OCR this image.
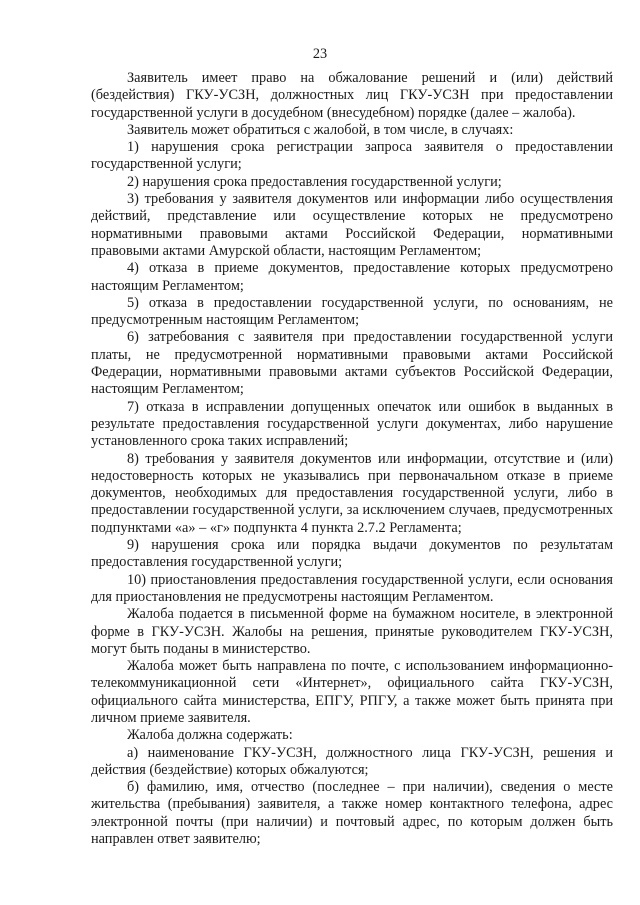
23

Заявитель имеет право на обжалование решений и (или) действий (бездействия) ГКУ-УСЗН, должностных лиц ГКУ-УСЗН при предоставлении государственной услуги в досудебном (внесудебном) порядке (далее – жалоба).

Заявитель может обратиться с жалобой, в том числе, в случаях:

1) нарушения срока регистрации запроса заявителя о предоставлении государственной услуги;

2) нарушения срока предоставления государственной услуги;

3) требования у заявителя документов или информации либо осуществления действий, представление или осуществление которых не предусмотрено нормативными правовыми актами Российской Федерации, нормативными правовыми актами Амурской области, настоящим Регламентом;

4) отказа в приеме документов, предоставление которых предусмотрено настоящим Регламентом;

5) отказа в предоставлении государственной услуги, по основаниям, не предусмотренным настоящим Регламентом;

6) затребования с заявителя при предоставлении государственной услуги платы, не предусмотренной нормативными правовыми актами Российской Федерации, нормативными правовыми актами субъектов Российской Федерации, настоящим Регламентом;

7) отказа в исправлении допущенных опечаток или ошибок в выданных в результате предоставления государственной услуги документах, либо нарушение установленного срока таких исправлений;

8) требования у заявителя документов или информации, отсутствие и (или) недостоверность которых не указывались при первоначальном отказе в приеме документов, необходимых для предоставления государственной услуги, либо в предоставлении государственной услуги, за исключением случаев, предусмотренных подпунктами «а» – «г» подпункта 4 пункта 2.7.2 Регламента;

9) нарушения срока или порядка выдачи документов по результатам предоставления государственной услуги;

10) приостановления предоставления государственной услуги, если основания для приостановления не предусмотрены настоящим Регламентом.

Жалоба подается в письменной форме на бумажном носителе, в электронной форме в ГКУ-УСЗН. Жалобы на решения, принятые руководителем ГКУ-УСЗН, могут быть поданы в министерство.

Жалоба может быть направлена по почте, с использованием информационно-телекоммуникационной сети «Интернет», официального сайта ГКУ-УСЗН, официального сайта министерства, ЕПГУ, РПГУ, а также может быть принята при личном приеме заявителя.

Жалоба должна содержать:

а) наименование ГКУ-УСЗН, должностного лица ГКУ-УСЗН, решения и действия (бездействие) которых обжалуются;

б) фамилию, имя, отчество (последнее – при наличии), сведения о месте жительства (пребывания) заявителя, а также номер контактного телефона, адрес электронной почты (при наличии) и почтовый адрес, по которым должен быть направлен ответ заявителю;
